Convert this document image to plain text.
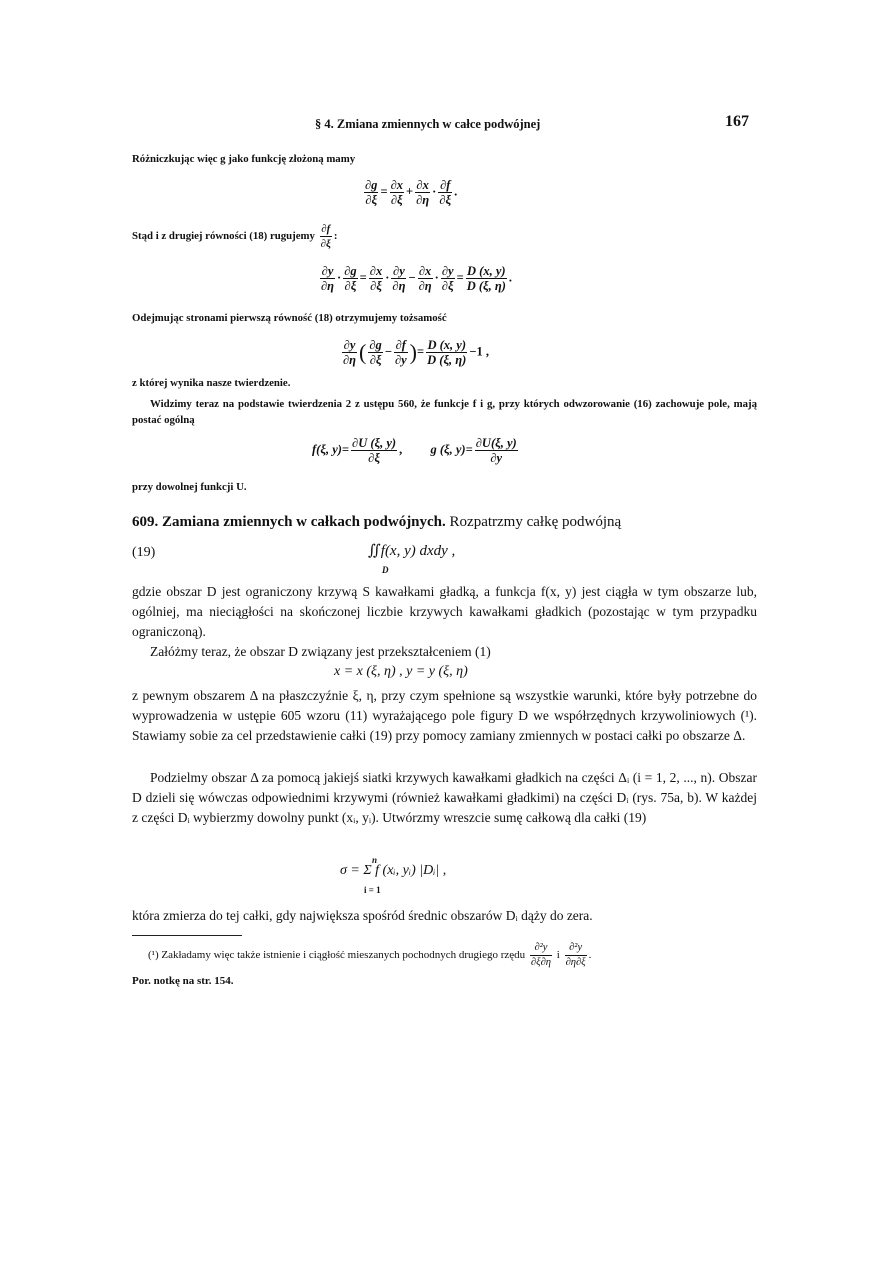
§ 4. Zmiana zmiennych w całce podwójnej	167
Różniczkując więc g jako funkcję złożoną mamy
$\frac{\partial g}{\partial\xi} = \frac{\partial x}{\partial\xi} + \frac{\partial x}{\partial\eta} \cdot \frac{\partial f}{\partial\xi}$ .
Stąd i z drugiej równości (18) rugujemy $\frac{\partial f}{\partial\xi}$ :
$\frac{\partial y}{\partial\eta} \cdot \frac{\partial g}{\partial\xi} = \frac{\partial x}{\partial\xi} \cdot \frac{\partial y}{\partial\eta} - \frac{\partial x}{\partial\eta} \cdot \frac{\partial y}{\partial\xi} = \frac{D (x, y)}{D (\xi, \eta)}$ .
Odejmując stronami pierwszą równość (18) otrzymujemy tożsamość
$\frac{\partial y}{\partial\eta}$ ( $\frac{\partial g}{\partial\xi} - \frac{\partial f}{\partial y}$ )= $\frac{D (x, y)}{D (\xi, \eta)} -1$ ,
z której wynika nasze twierdzenie.
Widzimy teraz na podstawie twierdzenia 2 z ustępu 560, że funkcje f i g, przy których odwzorowanie (16) zachowuje pole, mają postać ogólną
f(ξ, $y)= \frac{\partial U (\xi, y)}{\partial\xi}$ , g (ξ, $y)= \frac{\partial U(\xi, y)}{\partial y}$
przy dowolnej funkcji U.
609. Zamiana zmiennych w całkach podwójnych. Rozpatrzmy całkę podwójną
(19)	∬f(x, y) dxdy ,
D

gdzie obszar D jest ograniczony krzywą S kawałkami gładką, a funkcja f(x, y) jest ciągła w tym obszarze lub, ogólniej, ma nieciągłości na skończonej liczbie krzywych kawałkami gładkich (pozostając w tym przypadku ograniczoną).

Załóżmy teraz, że obszar D związany jest przekształceniem (1)

x = x (ξ, η) , y = y (ξ, η)

z pewnym obszarem Δ na płaszczyźnie ξ, η, przy czym spełnione są wszystkie warunki, które były potrzebne do wyprowadzenia w ustępie 605 wzoru (11) wyrażającego pole figury D we współrzędnych krzywoliniowych (¹). Stawiamy sobie za cel przedstawienie całki (19) przy pomocy zamiany zmiennych w postaci całki po obszarze Δ.

Podzielmy obszar Δ za pomocą jakiejś siatki krzywych kawałkami gładkich na części Δᵢ (i = 1, 2, ..., n). Obszar D dzieli się wówczas odpowiednimi krzywymi (również kawałkami gładkimi) na części Dᵢ (rys. 75a, b). W każdej z części Dᵢ wybierzmy dowolny punkt (xᵢ, yᵢ). Utwórzmy wreszcie sumę całkową dla całki (19)

n
σ = Σ f (xᵢ, yᵢ) |Dᵢ| ,
i = 1

która zmierza do tej całki, gdy największa spośród średnic obszarów Dᵢ dąży do zera.

(¹) Zakładamy więc także istnienie i ciągłość mieszanych pochodnych drugiego rzędu $\frac{\text{∂²y}}{\partial\xi\partial\eta}$ i $\frac{\text{∂²y}}{\partial\eta\partial\xi}$ .
Por. notkę na str. 154.
